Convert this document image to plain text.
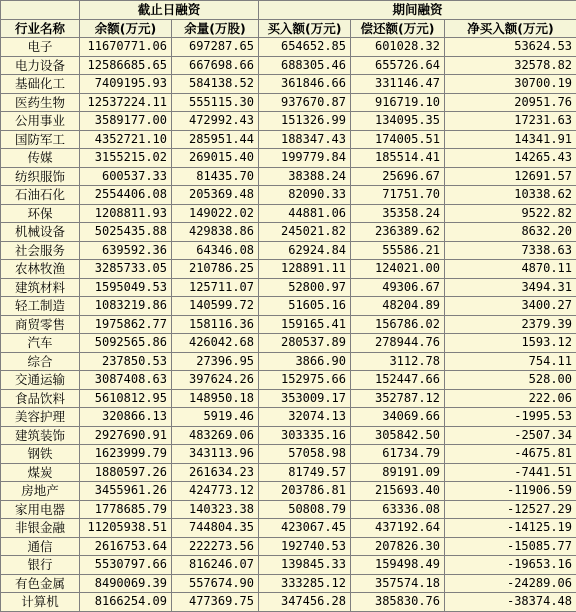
	截止日融资		期间融资		
行业名称	余额(万元)	余量(万股)	买入额(万元)	偿还额(万元)	净买入额(万元)
电子	11670771.06	697287.65	654652.85	601028.32	53624.53
电力设备	12586685.65	667698.66	688305.46	655726.64	32578.82
基础化工	7409195.93	584138.52	361846.66	331146.47	30700.19
医药生物	12537224.11	555115.30	937670.87	916719.10	20951.76
公用事业	3589177.00	472992.43	151326.99	134095.35	17231.63
国防军工	4352721.10	285951.44	188347.43	174005.51	14341.91
传媒	3155215.02	269015.40	199779.84	185514.41	14265.43
纺织服饰	600537.33	81435.70	38388.24	25696.67	12691.57
石油石化	2554406.08	205369.48	82090.33	71751.70	10338.62
环保	1208811.93	149022.02	44881.06	35358.24	9522.82
机械设备	5025435.88	429838.86	245021.82	236389.62	8632.20
社会服务	639592.36	64346.08	62924.84	55586.21	7338.63
农林牧渔	3285733.05	210786.25	128891.11	124021.00	4870.11
建筑材料	1595049.53	125711.07	52800.97	49306.67	3494.31
轻工制造	1083219.86	140599.72	51605.16	48204.89	3400.27
商贸零售	1975862.77	158116.36	159165.41	156786.02	2379.39
汽车	5092565.86	426042.68	280537.89	278944.76	1593.12
综合	237850.53	27396.95	3866.90	3112.78	754.11
交通运输	3087408.63	397624.26	152975.66	152447.66	528.00
食品饮料	5610812.95	148950.18	353009.17	352787.12	222.06
美容护理	320866.13	5919.46	32074.13	34069.66	-1995.53
建筑装饰	2927690.91	483269.06	303335.16	305842.50	-2507.34
钢铁	1623999.79	343113.96	57058.98	61734.79	-4675.81
煤炭	1880597.26	261634.23	81749.57	89191.09	-7441.51
房地产	3455961.26	424773.12	203786.81	215693.40	-11906.59
家用电器	1778685.79	140323.38	50808.79	63336.08	-12527.29
非银金融	11205938.51	744804.35	423067.45	437192.64	-14125.19
通信	2616753.64	222273.56	192740.53	207826.30	-15085.77
银行	5530797.66	816246.07	139845.33	159498.49	-19653.16
有色金属	8490069.39	557674.90	333285.12	357574.18	-24289.06
计算机	8166254.09	477369.75	347456.28	385830.76	-38374.48
